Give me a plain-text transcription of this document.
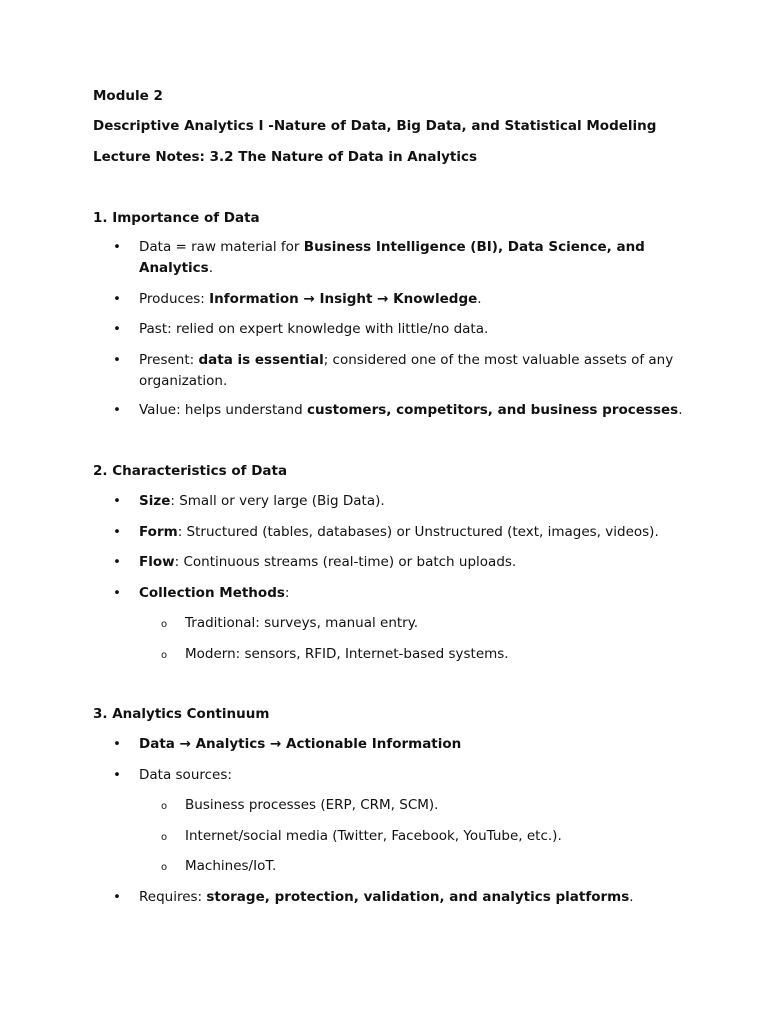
Module 2
Descriptive Analytics I -Nature of Data, Big Data, and Statistical Modeling
Lecture Notes: 3.2 The Nature of Data in Analytics
1. Importance of Data
• Data = raw material for Business Intelligence (BI), Data Science, and
Analytics.
• Produces: Information → Insight → Knowledge.
• Past: relied on expert knowledge with little/no data.
• Present: data is essential; considered one of the most valuable assets of any
organization.
• Value: helps understand customers, competitors, and business processes.
2. Characteristics of Data
• Size: Small or very large (Big Data).
• Form: Structured (tables, databases) or Unstructured (text, images, videos).
• Flow: Continuous streams (real-time) or batch uploads.
• Collection Methods:
o Traditional: surveys, manual entry.
o Modern: sensors, RFID, Internet-based systems.
3. Analytics Continuum
• Data → Analytics → Actionable Information
• Data sources:
o Business processes (ERP, CRM, SCM).
o Internet/social media (Twitter, Facebook, YouTube, etc.).
o Machines/IoT.
• Requires: storage, protection, validation, and analytics platforms.
